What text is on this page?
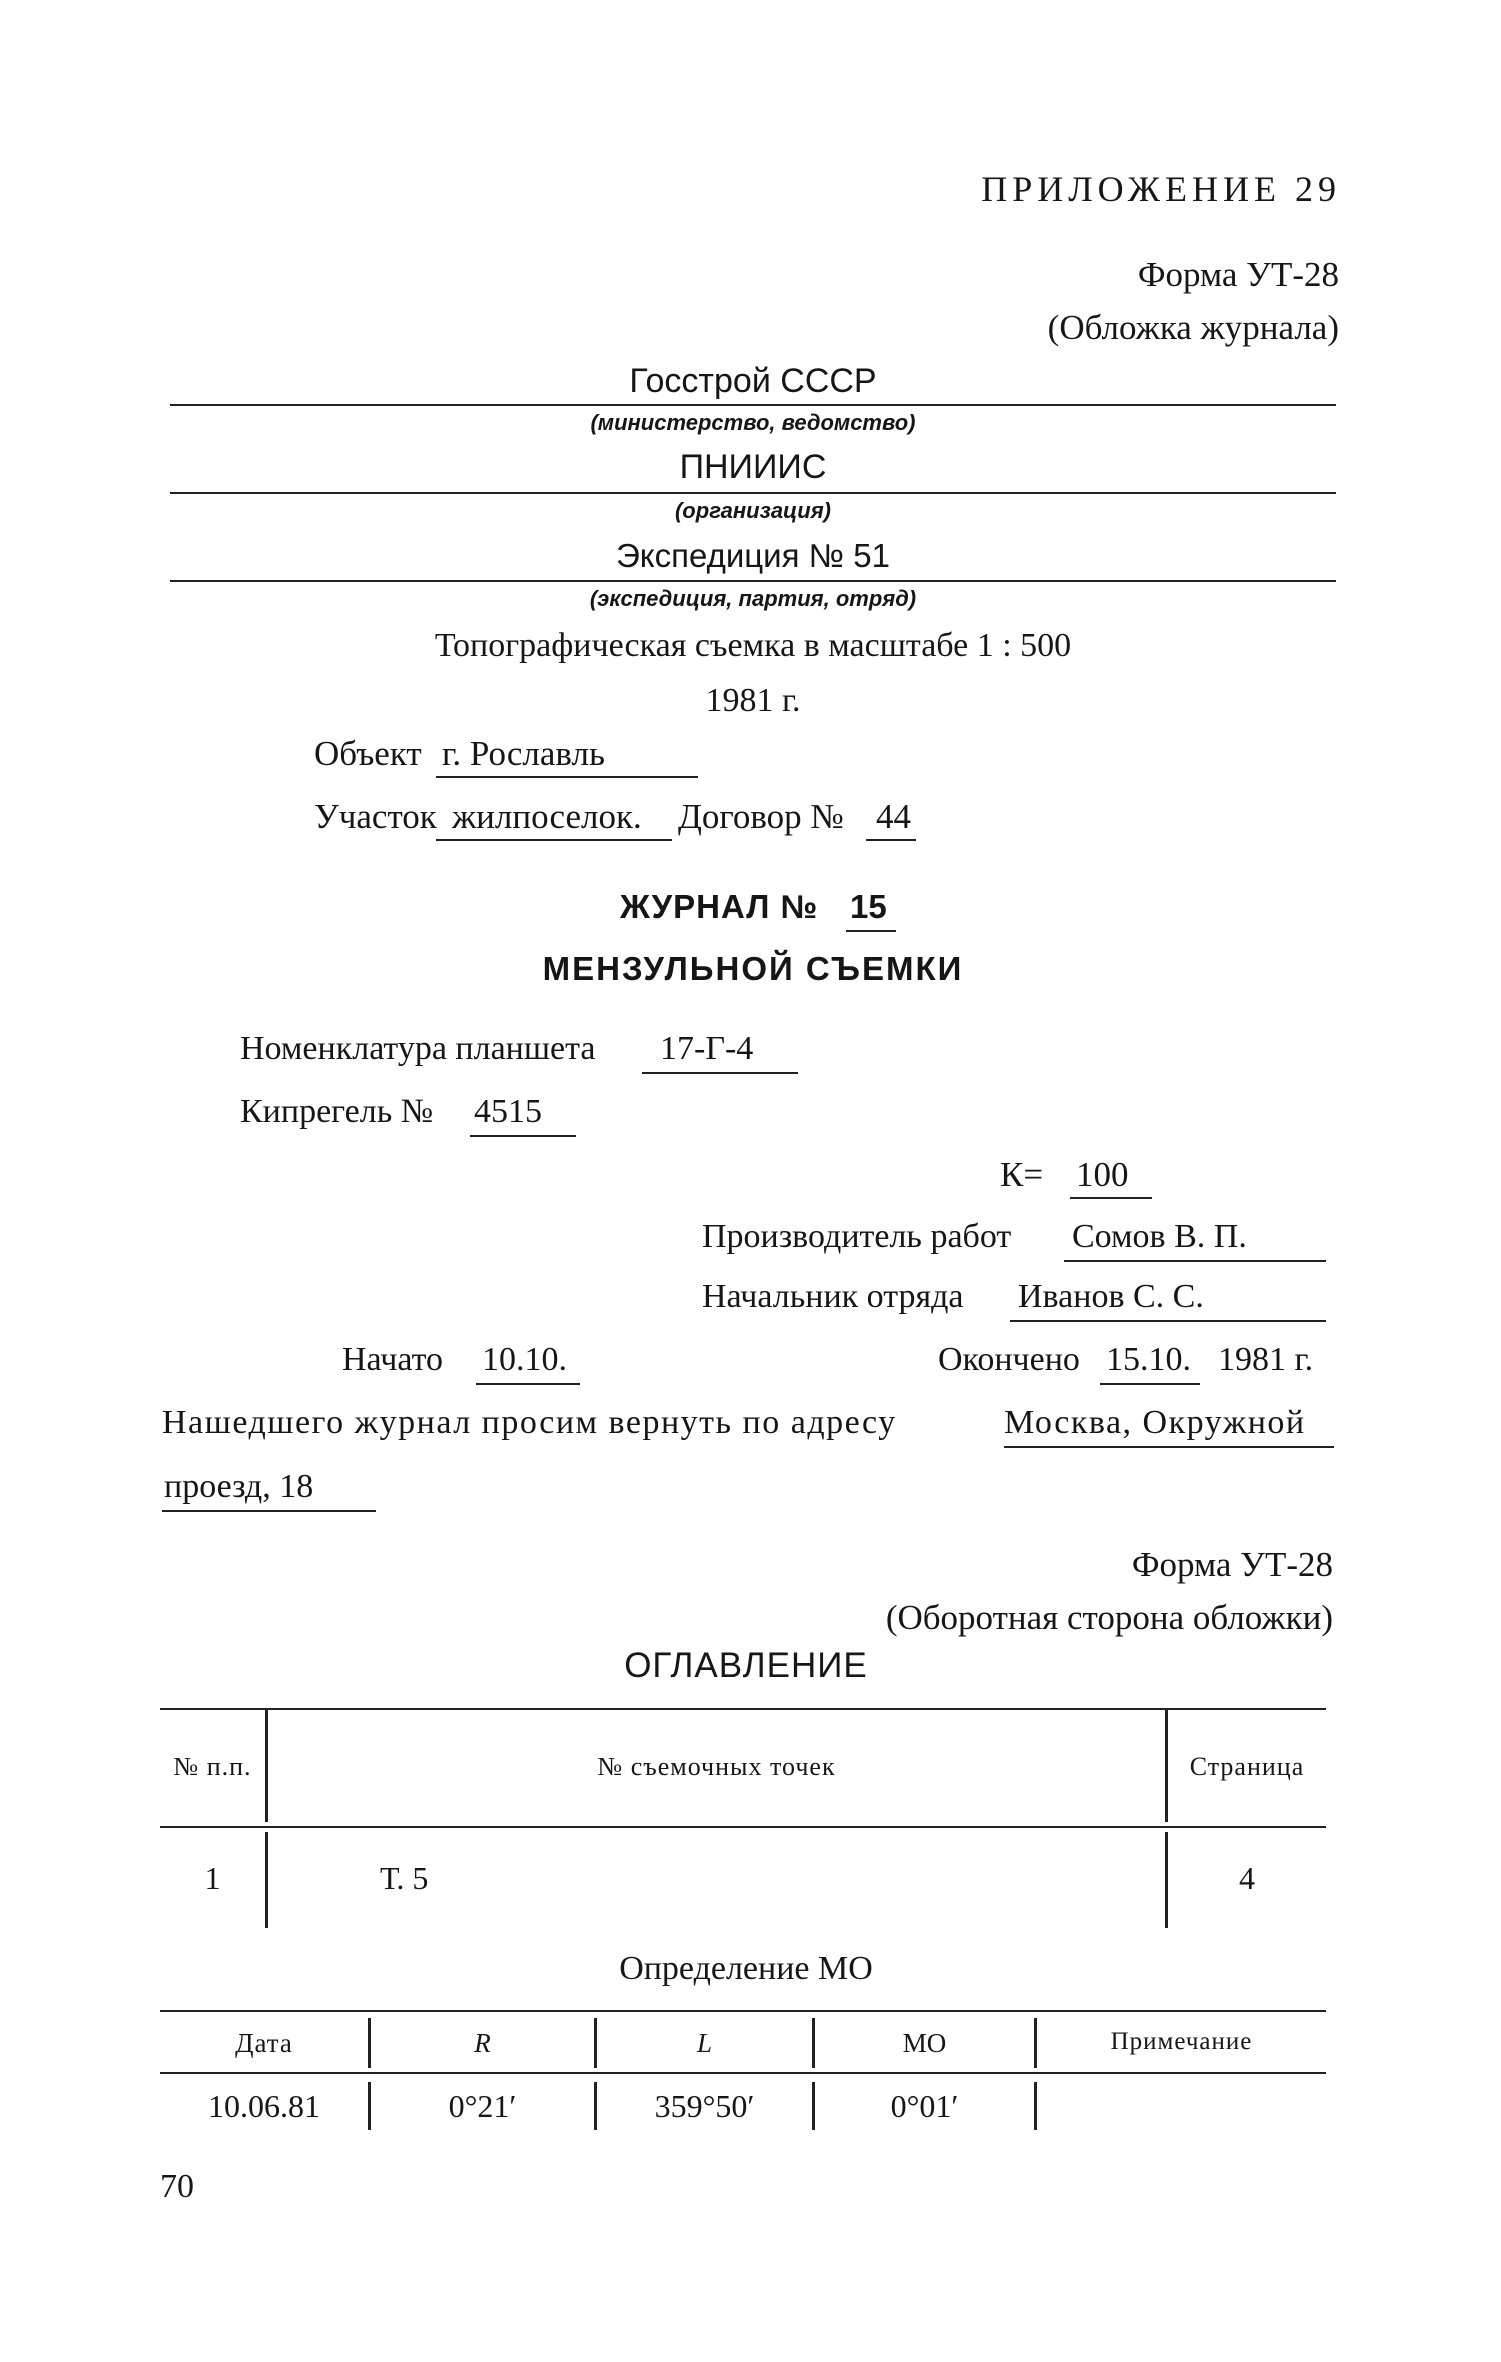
ПРИЛОЖЕНИЕ 29
Форма УТ-28
(Обложка журнала)
Госстрой СССР
(министерство, ведомство)
ПНИИИС
(организация)
Экспедиция № 51
(экспедиция, партия, отряд)
Топографическая съемка в масштабе 1 : 500
1981 г.
Объект г. Рославль
Участок жилпоселок. Договор № 44
ЖУРНАЛ № 15
МЕНЗУЛЬНОЙ СЪЕМКИ
Номенклатура планшета 17-Г-4
Кипрегель № 4515
К= 100
Производитель работ Сомов В. П.
Начальник отряда Иванов С. С.
Начато 10.10.	Окончено 15.10. 1981 г.
Нашедшего журнал просим вернуть по адресу	Москва, Окружной
проезд, 18
Форма УТ-28
(Оборотная сторона обложки)
ОГЛАВЛЕНИЕ
№ п.п.	№ съемочных точек	Страница
1	Т. 5	4
Определение МО
Дата	R	L	МО	Примечание
10.06.81	0°21′	359°50′	0°01′
70
